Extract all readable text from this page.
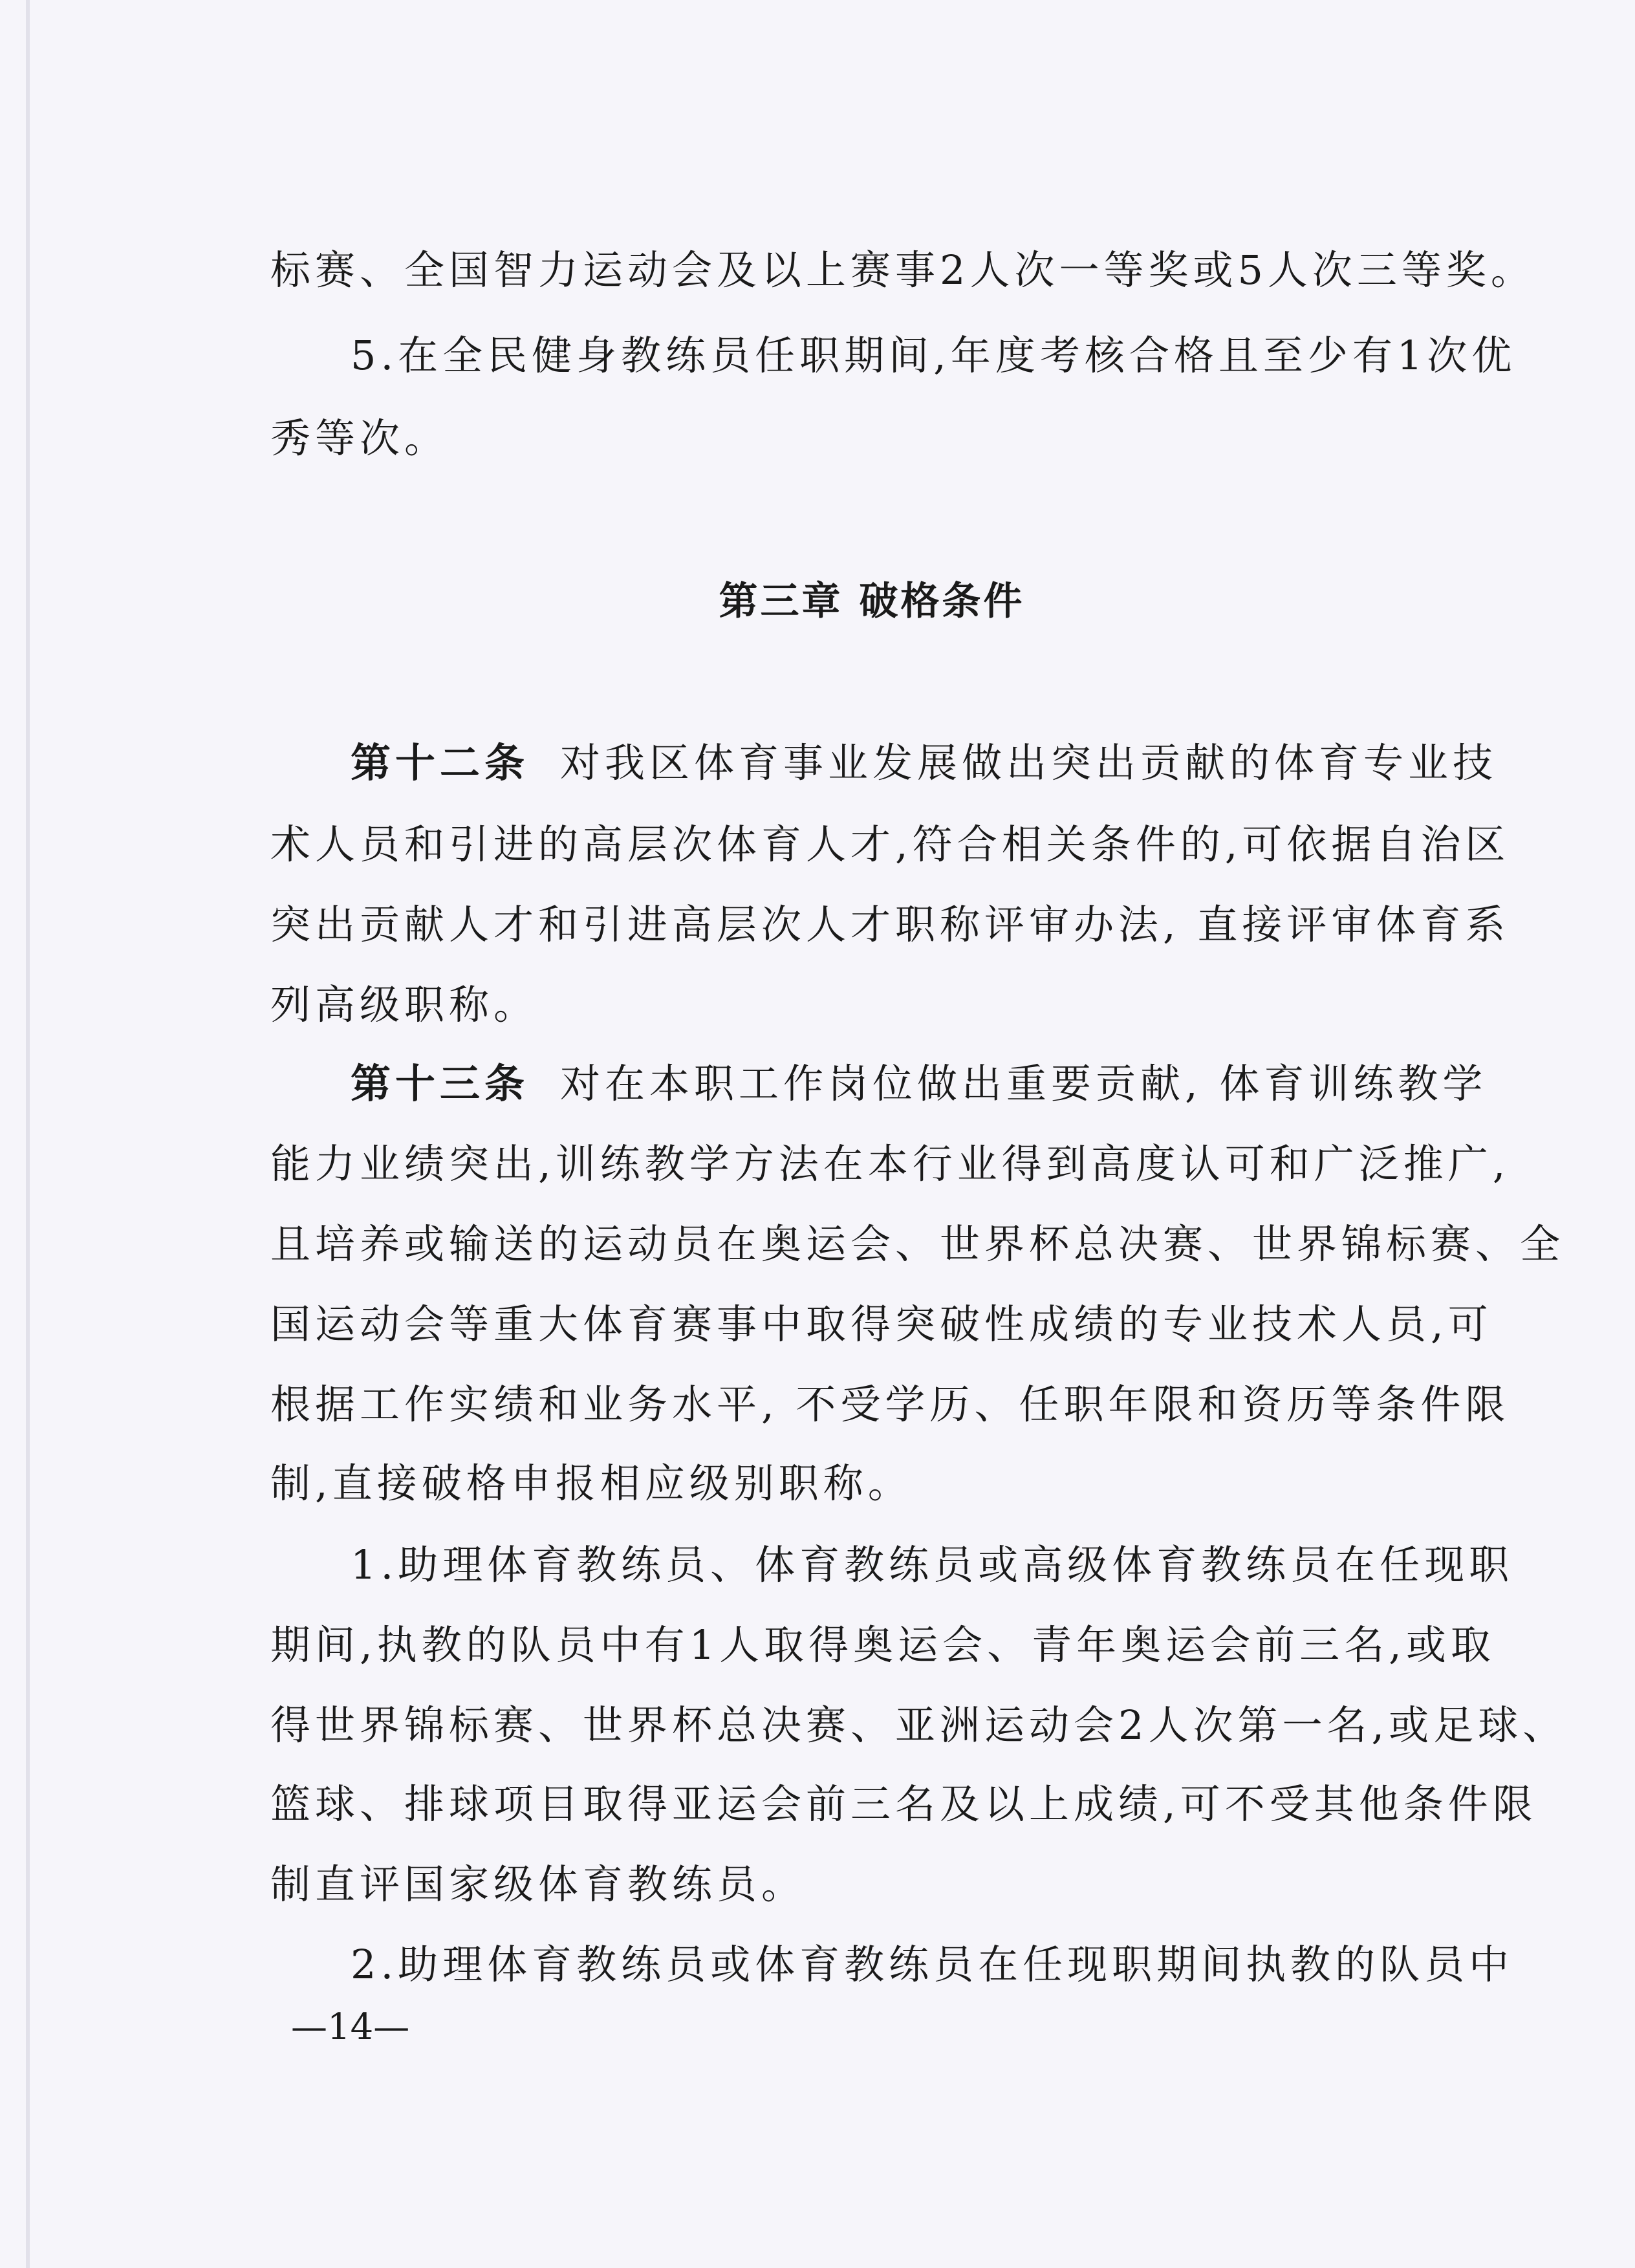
标赛、全国智力运动会及以上赛事2人次一等奖或5人次三等奖。
5.在全民健身教练员任职期间,年度考核合格且至少有1次优
秀等次。
第三章 破格条件
第十二条 对我区体育事业发展做出突出贡献的体育专业技
术人员和引进的高层次体育人才,符合相关条件的,可依据自治区
突出贡献人才和引进高层次人才职称评审办法, 直接评审体育系
列高级职称。
第十三条 对在本职工作岗位做出重要贡献, 体育训练教学
能力业绩突出,训练教学方法在本行业得到高度认可和广泛推广,
且培养或输送的运动员在奥运会、世界杯总决赛、世界锦标赛、全
国运动会等重大体育赛事中取得突破性成绩的专业技术人员,可
根据工作实绩和业务水平, 不受学历、任职年限和资历等条件限
制,直接破格申报相应级别职称。
1.助理体育教练员、体育教练员或高级体育教练员在任现职
期间,执教的队员中有1人取得奥运会、青年奥运会前三名,或取
得世界锦标赛、世界杯总决赛、亚洲运动会2人次第一名,或足球、
篮球、排球项目取得亚运会前三名及以上成绩,可不受其他条件限
制直评国家级体育教练员。
2.助理体育教练员或体育教练员在任现职期间执教的队员中
—14—
